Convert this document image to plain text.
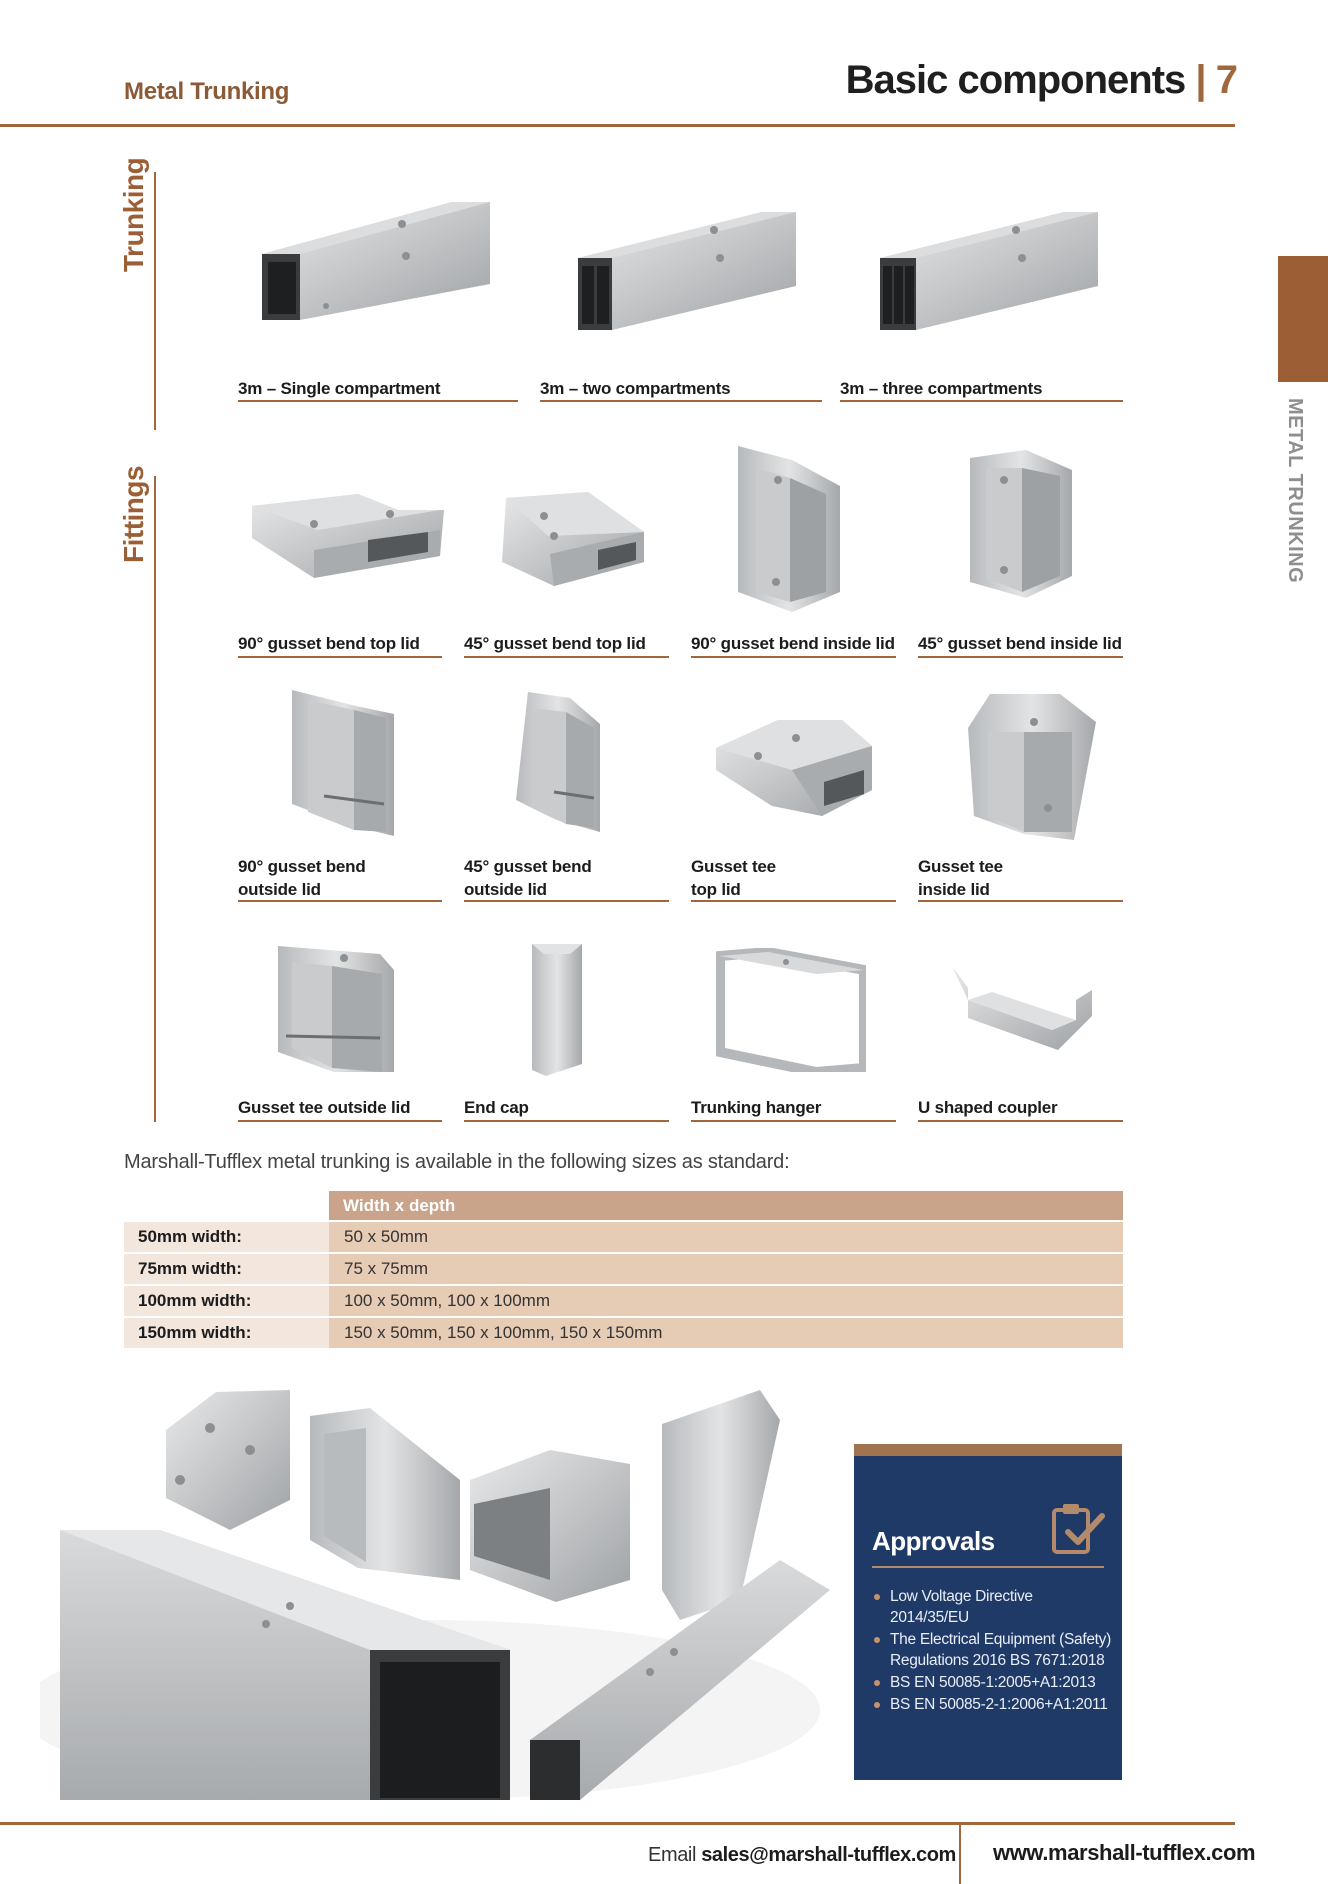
Metal Trunking	Basic components | 7
METAL TRUNKING
Trunking
Fittings
3m – Single compartment	3m – two compartments	3m – three compartments
90° gusset bend top lid	45° gusset bend top lid	90° gusset bend inside lid 45° gusset bend inside lid
90° gusset bend
outside lid
45° gusset bend
outside lid
Gusset tee
top lid
Gusset tee
inside lid
Gusset tee outside lid	End cap	Trunking hanger	U shaped coupler
Marshall-Tufflex metal trunking is available in the following sizes as standard:
Width x depth
50mm width:	50 x 50mm
75mm width:	75 x 75mm
100mm width:	100 x 50mm, 100 x 100mm
150mm width:	150 x 50mm, 150 x 100mm, 150 x 150mm
Approvals
Low Voltage Directive 2014/35/EU
The Electrical Equipment (Safety) Regulations 2016 BS 7671:2018
BS EN 50085-1:2005+A1:2013
BS EN 50085-2-1:2006+A1:2011
Email sales@marshall-tufflex.com www.marshall-tufflex.com
